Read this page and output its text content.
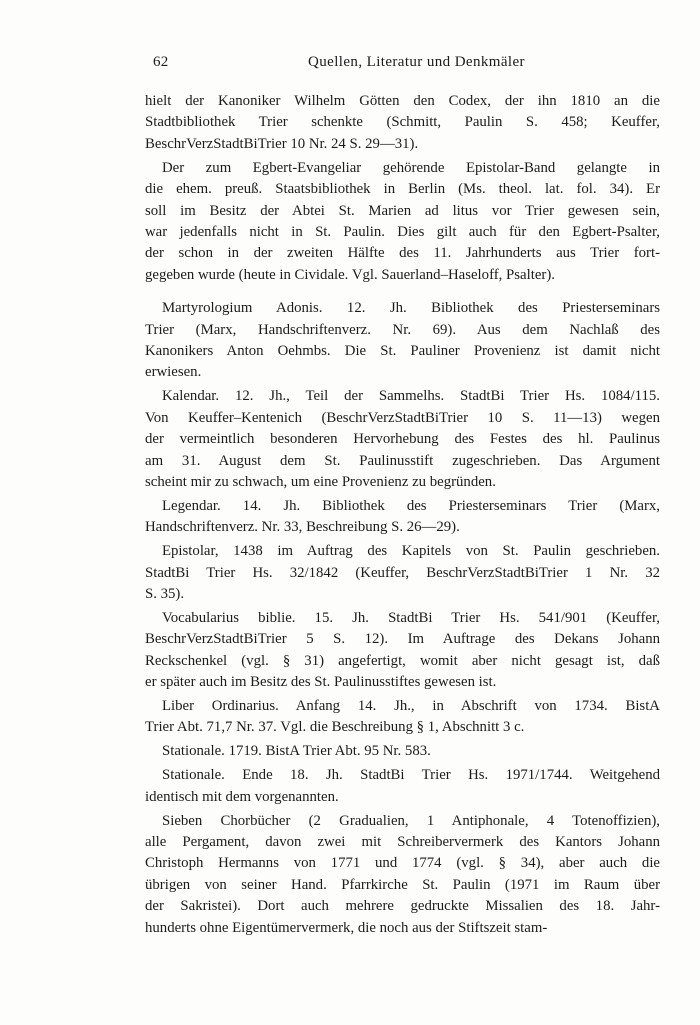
62	Quellen, Literatur und Denkmäler

hielt der Kanoniker Wilhelm Götten den Codex, der ihn 1810 an die
Stadtbibliothek Trier schenkte (Schmitt, Paulin S. 458; Keuffer,
BeschrVerzStadtBiTrier 10 Nr. 24 S. 29—31).

Der zum Egbert-Evangeliar gehörende Epistolar-Band gelangte in
die ehem. preuß. Staatsbibliothek in Berlin (Ms. theol. lat. fol. 34). Er
soll im Besitz der Abtei St. Marien ad litus vor Trier gewesen sein,
war jedenfalls nicht in St. Paulin. Dies gilt auch für den Egbert-Psalter,
der schon in der zweiten Hälfte des 11. Jahrhunderts aus Trier fort-
gegeben wurde (heute in Cividale. Vgl. Sauerland–Haseloff, Psalter).

Martyrologium Adonis. 12. Jh. Bibliothek des Priesterseminars
Trier (Marx, Handschriftenverz. Nr. 69). Aus dem Nachlaß des
Kanonikers Anton Oehmbs. Die St. Pauliner Provenienz ist damit nicht
erwiesen.

Kalendar. 12. Jh., Teil der Sammelhs. StadtBi Trier Hs. 1084/115.
Von Keuffer–Kentenich (BeschrVerzStadtBiTrier 10 S. 11—13) wegen
der vermeintlich besonderen Hervorhebung des Festes des hl. Paulinus
am 31. August dem St. Paulinusstift zugeschrieben. Das Argument
scheint mir zu schwach, um eine Provenienz zu begründen.

Legendar. 14. Jh. Bibliothek des Priesterseminars Trier (Marx,
Handschriftenverz. Nr. 33, Beschreibung S. 26—29).

Epistolar, 1438 im Auftrag des Kapitels von St. Paulin geschrieben.
StadtBi Trier Hs. 32/1842 (Keuffer, BeschrVerzStadtBiTrier 1 Nr. 32
S. 35).

Vocabularius biblie. 15. Jh. StadtBi Trier Hs. 541/901 (Keuffer,
BeschrVerzStadtBiTrier 5 S. 12). Im Auftrage des Dekans Johann
Reckschenkel (vgl. § 31) angefertigt, womit aber nicht gesagt ist, daß
er später auch im Besitz des St. Paulinusstiftes gewesen ist.

Liber Ordinarius. Anfang 14. Jh., in Abschrift von 1734. BistA
Trier Abt. 71,7 Nr. 37. Vgl. die Beschreibung § 1, Abschnitt 3 c.

Stationale. 1719. BistA Trier Abt. 95 Nr. 583.

Stationale. Ende 18. Jh. StadtBi Trier Hs. 1971/1744. Weitgehend
identisch mit dem vorgenannten.

Sieben Chorbücher (2 Gradualien, 1 Antiphonale, 4 Totenoffizien),
alle Pergament, davon zwei mit Schreibervermerk des Kantors Johann
Christoph Hermanns von 1771 und 1774 (vgl. § 34), aber auch die
übrigen von seiner Hand. Pfarrkirche St. Paulin (1971 im Raum über
der Sakristei). Dort auch mehrere gedruckte Missalien des 18. Jahr-
hunderts ohne Eigentümervermerk, die noch aus der Stiftszeit stam-
